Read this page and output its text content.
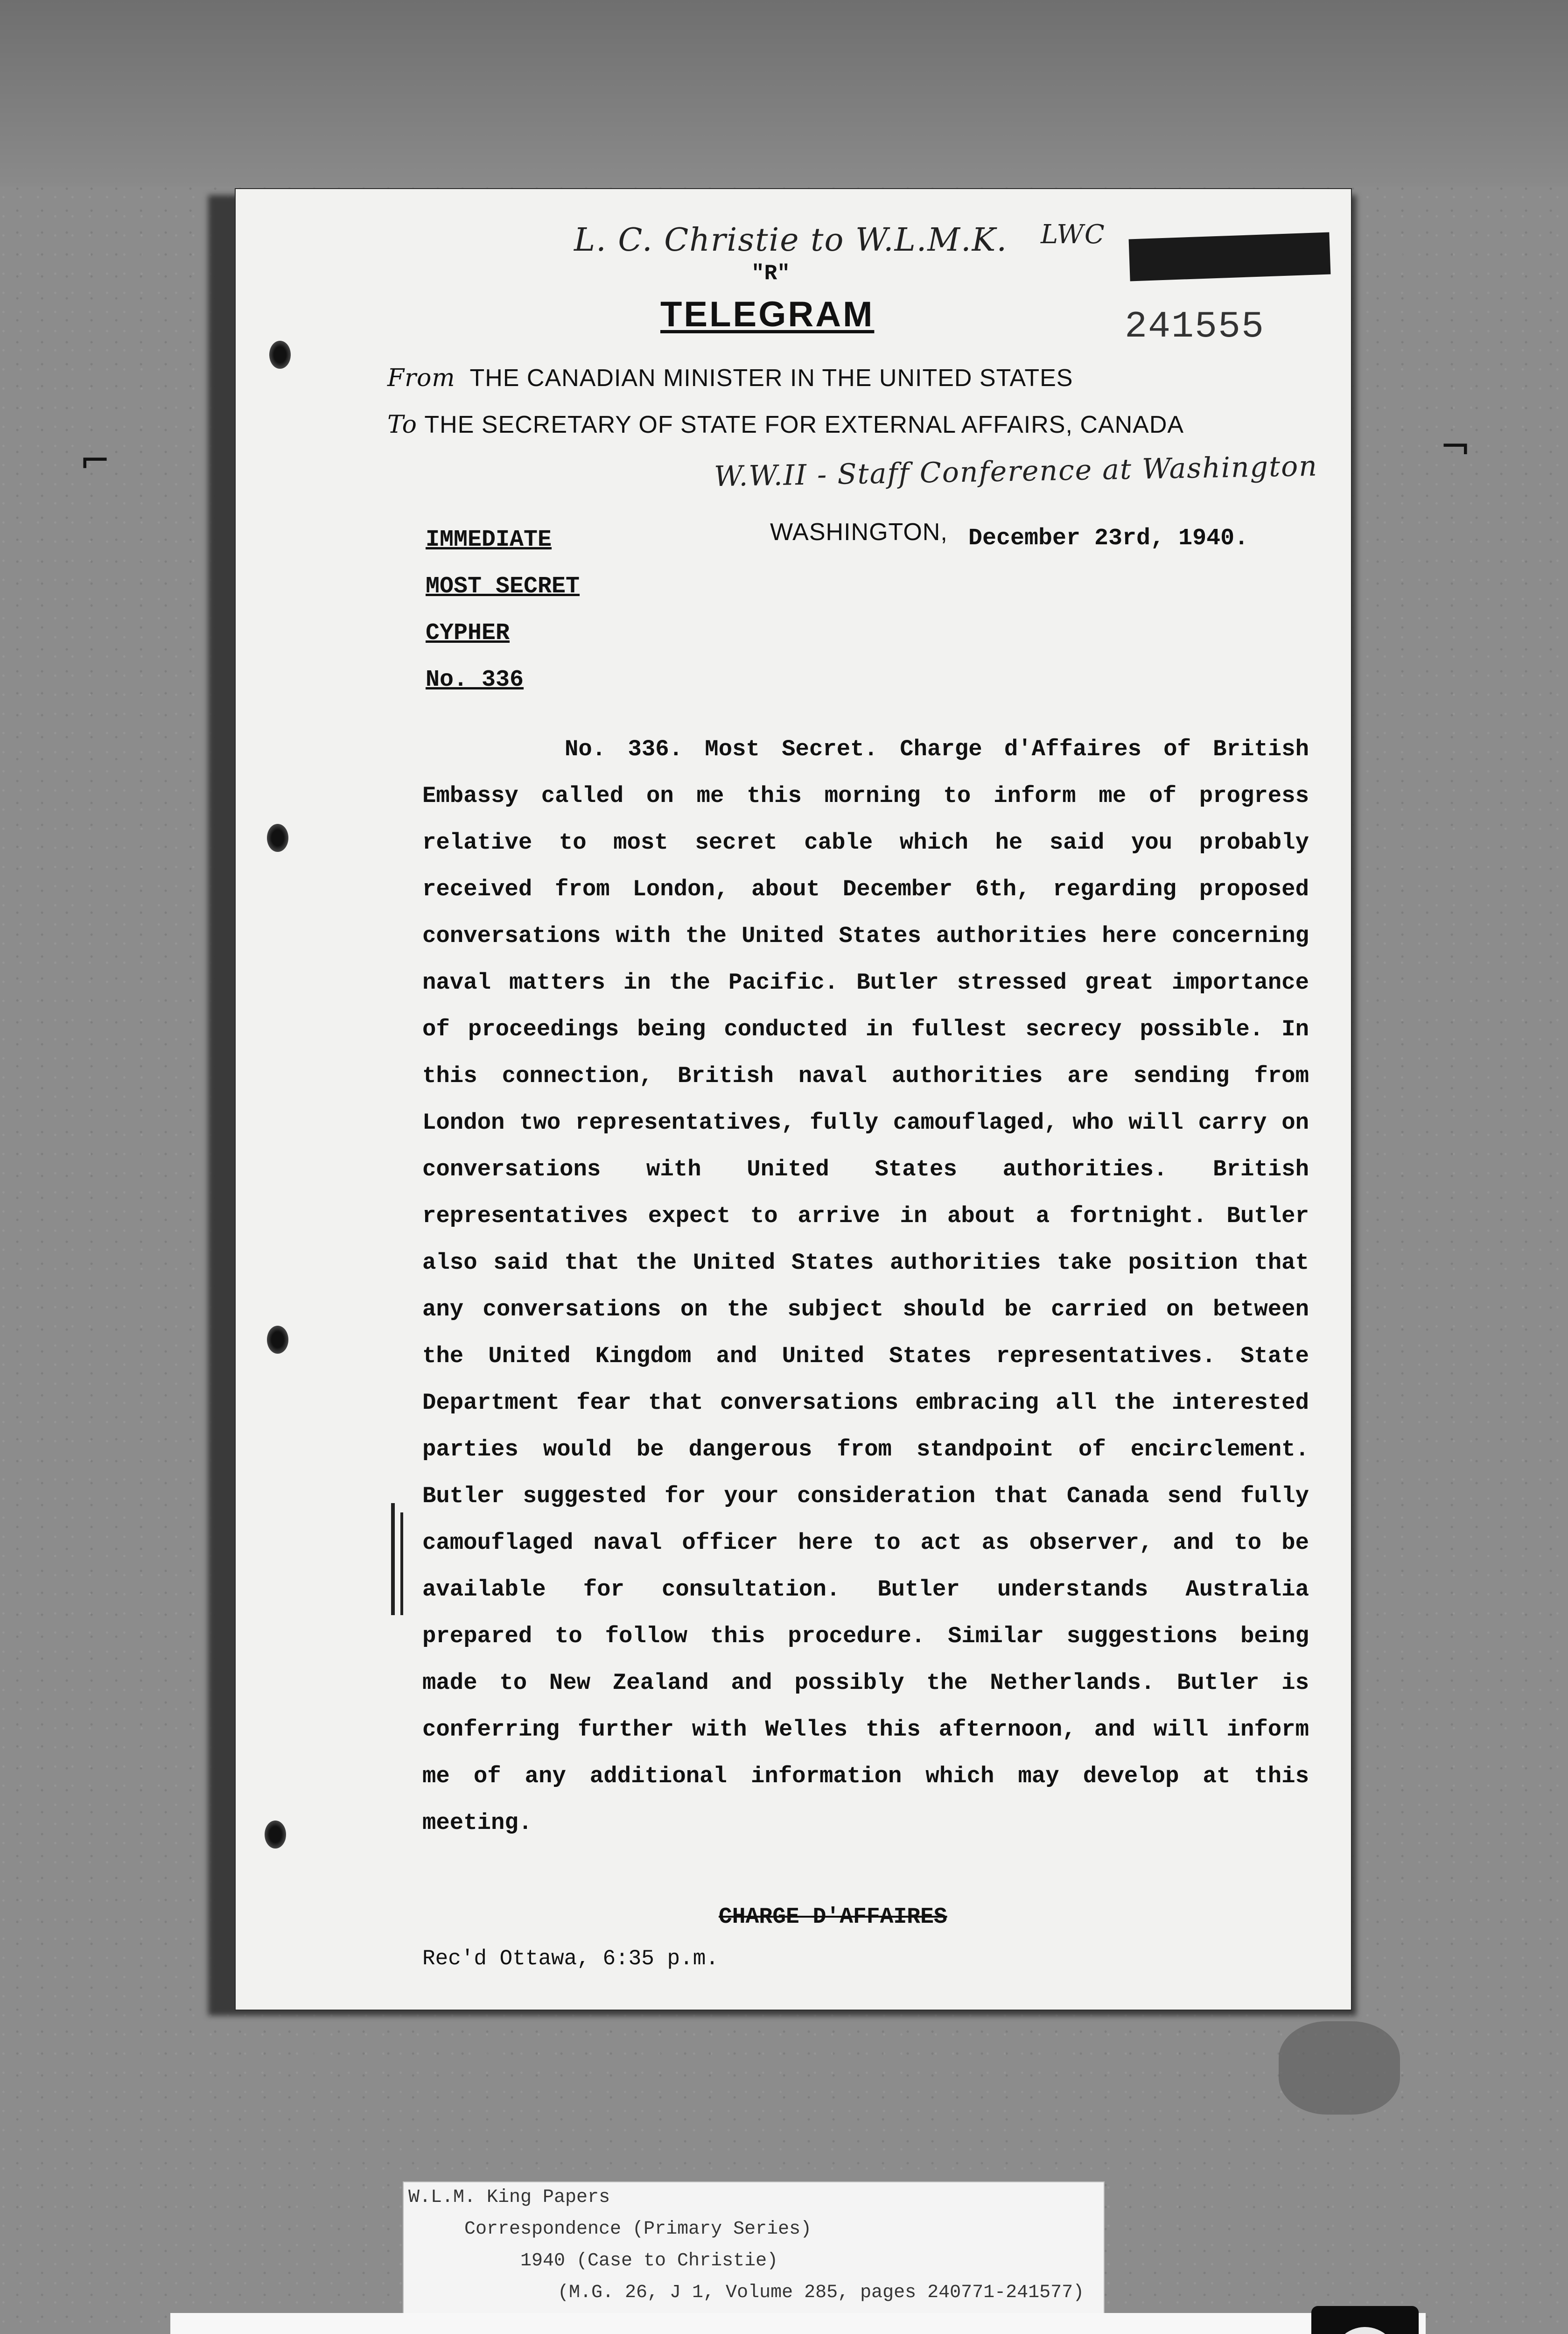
⌐	¬
L. C. Christie to W.L.M.K. LWC
"R"
TELEGRAM	241555
From THE CANADIAN MINISTER IN THE UNITED STATES
To THE SECRETARY OF STATE FOR EXTERNAL AFFAIRS, CANADA
W.W.II - Staff Conference at Washington
IMMEDIATE
MOST SECRET
CYPHER
No. 336
WASHINGTON, December 23rd, 1940.

No. 336. Most Secret. Charge d'Affaires of British Embassy called on me this morning to inform me of progress relative to most secret cable which he said you probably received from London, about December 6th, regarding proposed conversations with the United States authorities here concerning naval matters in the Pacific. Butler stressed great importance of proceedings being conducted in fullest secrecy possible. In this connection, British naval authorities are sending from London two representatives, fully camouflaged, who will carry on conversations with United States authorities. British representatives expect to arrive in about a fortnight. Butler also said that the United States authorities take position that any conversations on the subject should be carried on between the United Kingdom and United States representatives. State Department fear that conversations embracing all the interested parties would be dangerous from standpoint of encirclement. Butler suggested for your consideration that Canada send fully camouflaged naval officer here to act as observer, and to be available for consultation. Butler understands Australia prepared to follow this procedure. Similar suggestions being made to New Zealand and possibly the Netherlands. Butler is conferring further with Welles this afternoon, and will inform me of any additional information which may develop at this meeting.

CHARGE D'AFFAIRES
Rec'd Ottawa, 6:35 p.m.
W.L.M. King Papers
Correspondence (Primary Series)
1940 (Case to Christie)
(M.G. 26, J 1, Volume 285, pages 240771-241577)
